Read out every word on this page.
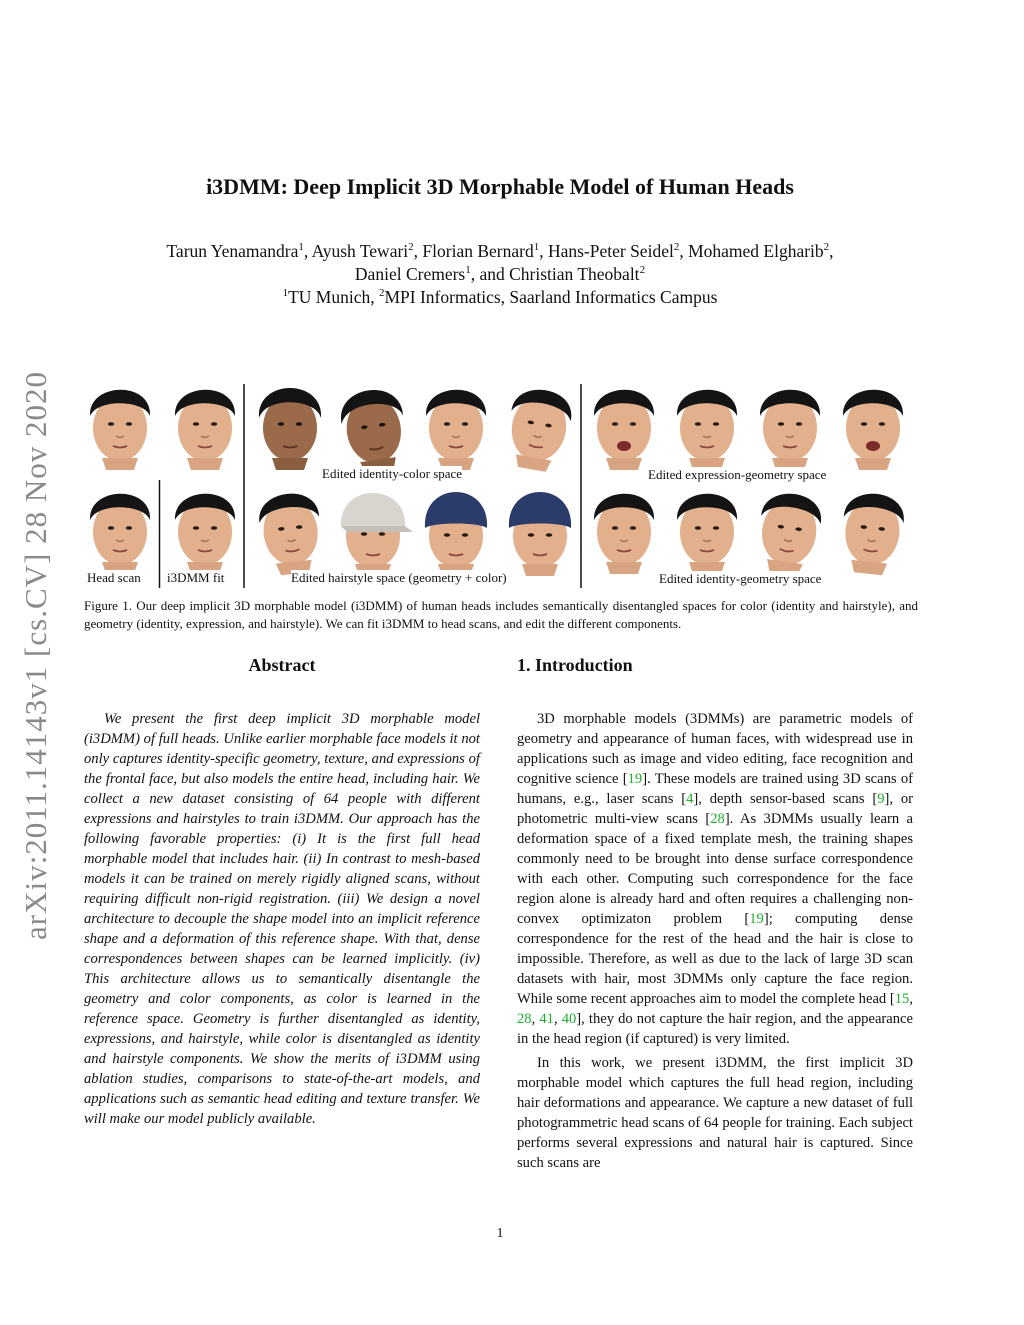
arXiv:2011.14143v1 [cs.CV] 28 Nov 2020
i3DMM: Deep Implicit 3D Morphable Model of Human Heads
Tarun Yenamandra$^1$, Ayush Tewari$^2$, Florian Bernard$^1$, Hans-Peter Seidel$^2$, Mohamed Elgharib$^2$,
Daniel Cremers$^1$, and Christian Theobalt$^2$
$^1$TU Munich, $^2$MPI Informatics, Saarland Informatics Campus
Edited identity-color space	Edited expression-geometry space
Head scan i3DMM fit	Edited hairstyle space (geometry + color)	Edited identity-geometry space
Figure 1. Our deep implicit 3D morphable model (i3DMM) of human heads includes semantically disentangled spaces for color (identity and hairstyle), and geometry (identity, expression, and hairstyle). We can fit i3DMM to head scans, and edit the different components.
Abstract
We present the first deep implicit 3D morphable model (i3DMM) of full heads. Unlike earlier morphable face models it not only captures identity-specific geometry, texture, and expressions of the frontal face, but also models the entire head, including hair. We collect a new dataset consisting of 64 people with different expressions and hairstyles to train i3DMM. Our approach has the following favorable properties: (i) It is the first full head morphable model that includes hair. (ii) In contrast to mesh-based models it can be trained on merely rigidly aligned scans, without requiring difficult non-rigid registration. (iii) We design a novel architecture to decouple the shape model into an implicit reference shape and a deformation of this reference shape. With that, dense correspondences between shapes can be learned implicitly. (iv) This architecture allows us to semantically disentangle the geometry and color components, as color is learned in the reference space. Geometry is further disentangled as identity, expressions, and hairstyle, while color is disentangled as identity and hairstyle components. We show the merits of i3DMM using ablation studies, comparisons to state-of-the-art models, and applications such as semantic head editing and texture transfer. We will make our model publicly available.
1. Introduction

3D morphable models (3DMMs) are parametric models of geometry and appearance of human faces, with widespread use in applications such as image and video editing, face recognition and cognitive science [19]. These models are trained using 3D scans of humans, e.g., laser scans [4], depth sensor-based scans [9], or photometric multi-view scans [28]. As 3DMMs usually learn a deformation space of a fixed template mesh, the training shapes commonly need to be brought into dense surface correspondence with each other. Computing such correspondence for the face region alone is already hard and often requires a challenging non-convex optimizaton problem [19]; computing dense correspondence for the rest of the head and the hair is close to impossible. Therefore, as well as due to the lack of large 3D scan datasets with hair, most 3DMMs only capture the face region. While some recent approaches aim to model the complete head [15, 28, 41, 40], they do not capture the hair region, and the appearance in the head region (if captured) is very limited.

In this work, we present i3DMM, the first implicit 3D morphable model which captures the full head region, including hair deformations and appearance. We capture a new dataset of full photogrammetric head scans of 64 people for training. Each subject performs several expressions and natural hair is captured. Since such scans are

1
